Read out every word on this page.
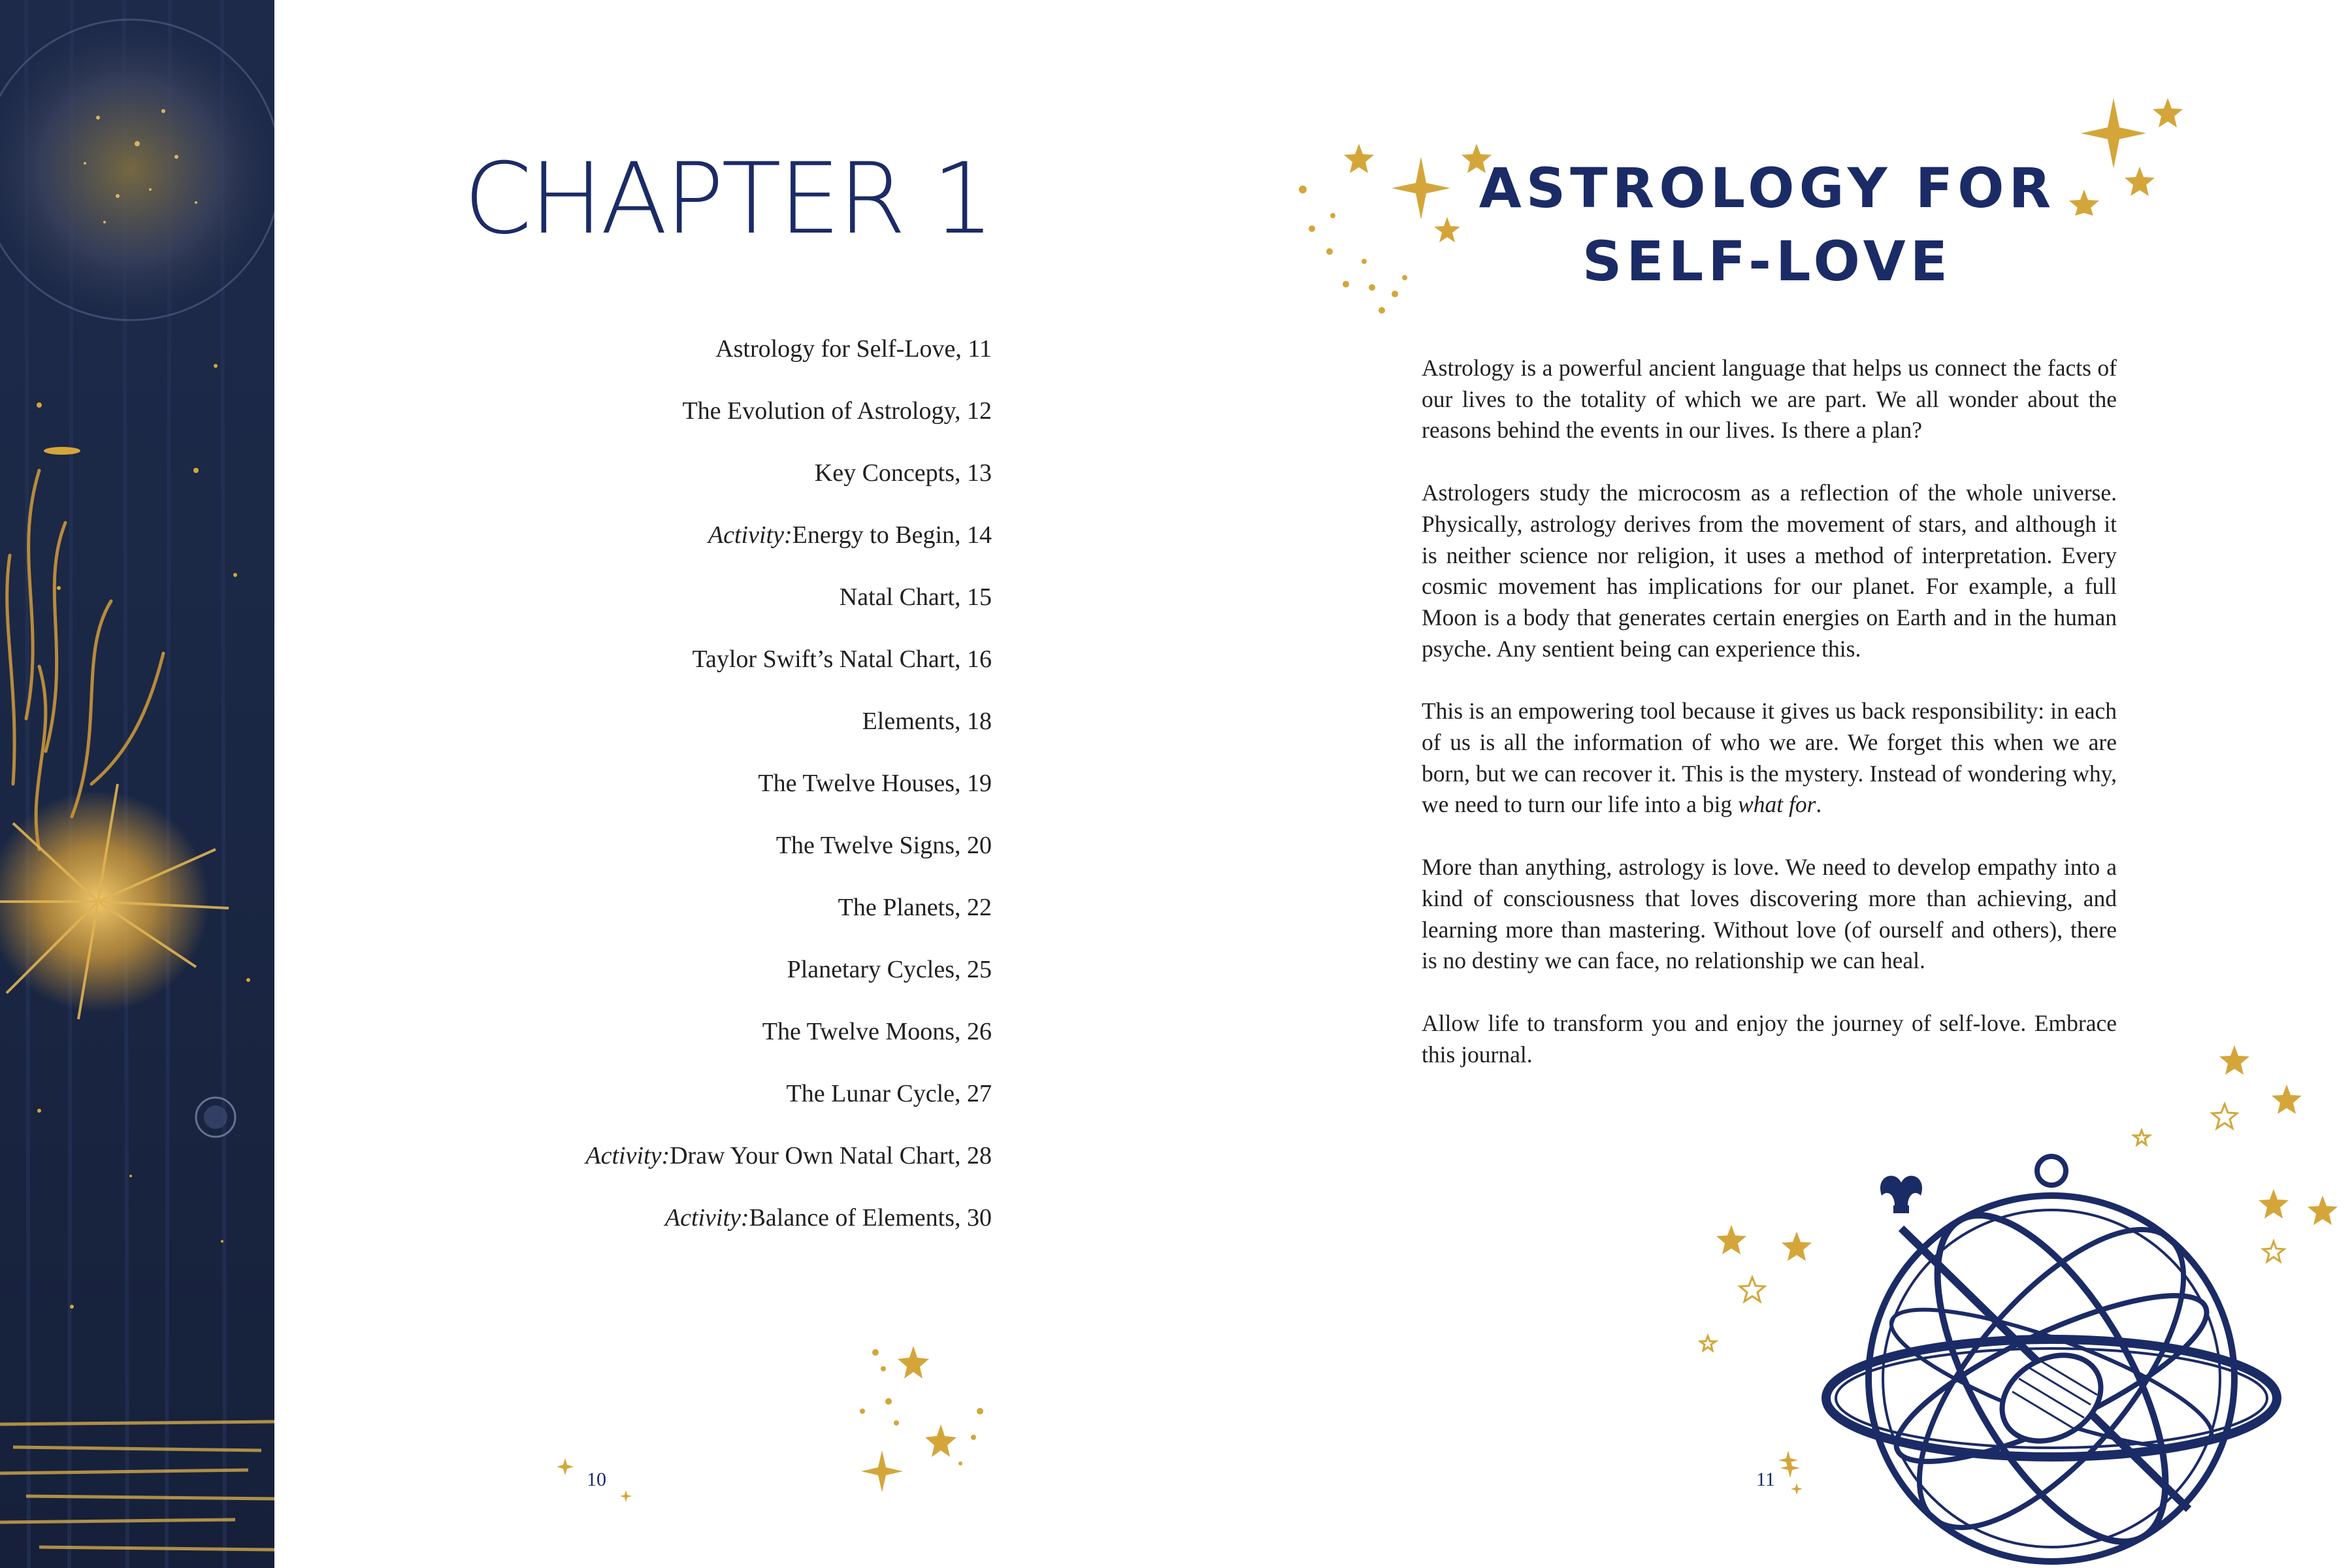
CHAPTER 1
Astrology for Self-Love, 11
The Evolution of Astrology, 12
Key Concepts, 13
Activity:Energy to Begin, 14
Natal Chart, 15
Taylor Swift’s Natal Chart, 16
Elements, 18
The Twelve Houses, 19
The Twelve Signs, 20
The Planets, 22
Planetary Cycles, 25
The Twelve Moons, 26
The Lunar Cycle, 27
Activity:Draw Your Own Natal Chart, 28
Activity:Balance of Elements, 30
10
ASTROLOGY FOR
SELF-LOVE

Astrology is a powerful ancient language that helps us connect the facts of our lives to the totality of which we are part. We all wonder about the reasons behind the events in our lives. Is there a plan?

Astrologers study the microcosm as a reflection of the whole universe. Physically, astrology derives from the movement of stars, and although it is neither science nor religion, it uses a method of interpretation. Every cosmic movement has implications for our planet. For example, a full Moon is a body that generates certain energies on Earth and in the human psyche. Any sentient being can experience this.

This is an empowering tool because it gives us back responsibility: in each of us is all the information of who we are. We forget this when we are born, but we can recover it. This is the mystery. Instead of wondering why, we need to turn our life into a big what for.

More than anything, astrology is love. We need to develop empathy into a kind of consciousness that loves discovering more than achieving, and learning more than mastering. Without love (of ourself and others), there is no destiny we can face, no relationship we can heal.

Allow life to transform you and enjoy the journey of self-love. Embrace this journal.

11
